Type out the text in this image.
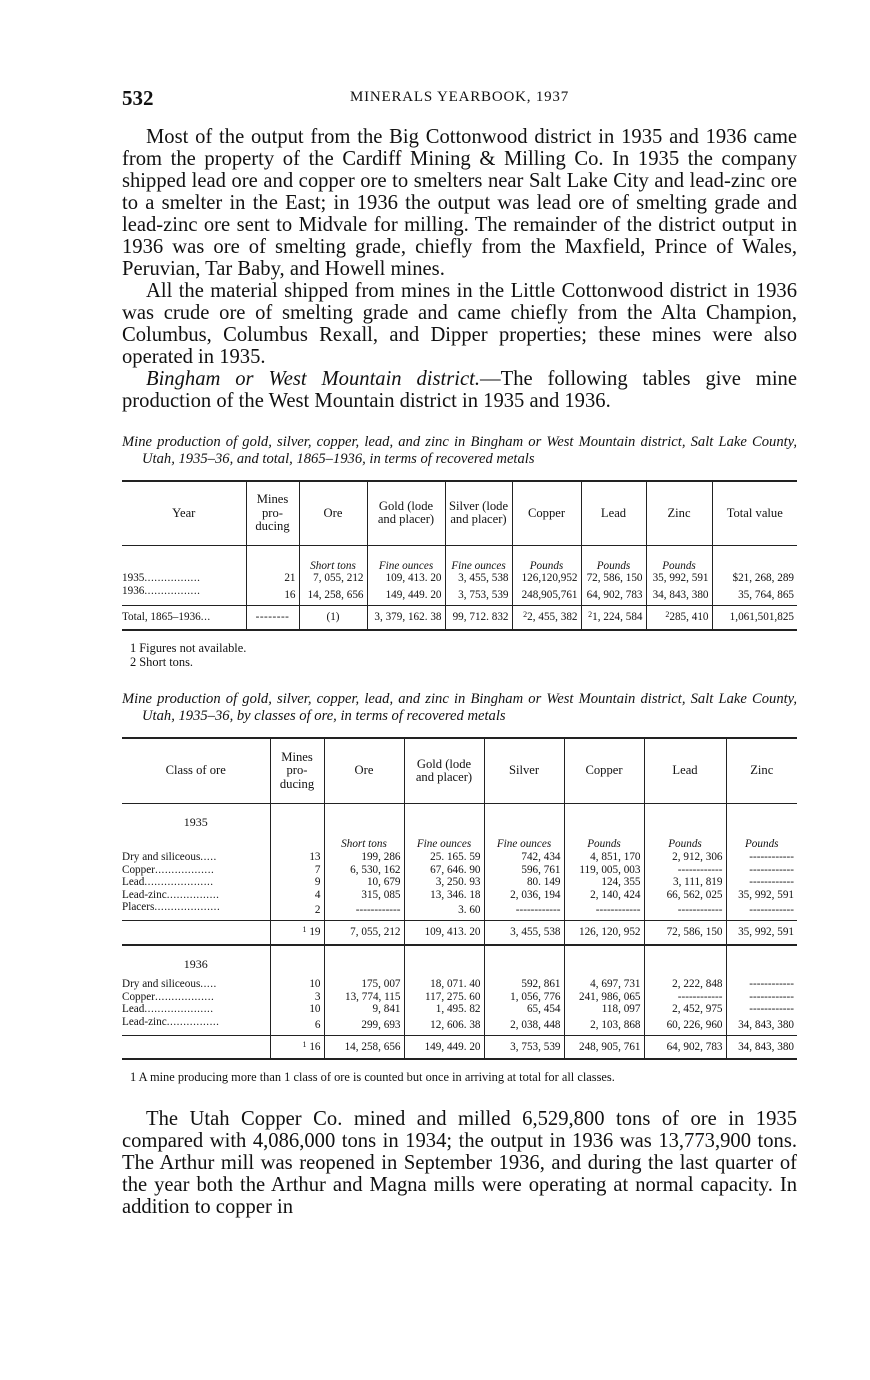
532	MINERALS YEARBOOK, 1937

Most of the output from the Big Cottonwood district in 1935 and 1936 came from the property of the Cardiff Mining & Milling Co. In 1935 the company shipped lead ore and copper ore to smelters near Salt Lake City and lead-zinc ore to a smelter in the East; in 1936 the output was lead ore of smelting grade and lead-zinc ore sent to Midvale for milling. The remainder of the district output in 1936 was ore of smelting grade, chiefly from the Maxfield, Prince of Wales, Peruvian, Tar Baby, and Howell mines.

All the material shipped from mines in the Little Cottonwood district in 1936 was crude ore of smelting grade and came chiefly from the Alta Champion, Columbus, Columbus Rexall, and Dipper properties; these mines were also operated in 1935.

Bingham or West Mountain district.—The following tables give mine production of the West Mountain district in 1935 and 1936.

Mine production of gold, silver, copper, lead, and zinc in Bingham or West Mountain district, Salt Lake County, Utah, 1935–36, and total, 1865–1936, in terms of recovered metals
Year	Mines pro-ducing	Ore	Gold (lode and placer)	Silver (lode and placer)	Copper	Lead	Zinc	Total value
		Short tons	Fine ounces	Fine ounces	Pounds	Pounds	Pounds	
1935.................	21	7, 055, 212	109, 413. 20	3, 455, 538	126,120,952	72, 586, 150	35, 992, 591	$21, 268, 289
1936.................	16	14, 258, 656	149, 449. 20	3, 753, 539	248,905,761	64, 902, 783	34, 843, 380	35, 764, 865
Total, 1865–1936...	--------	(1)	3, 379, 162. 38	99, 712. 832	$^2$2, 455, 382	$^2$1, 224, 584	$^2$285, 410	1,061,501,825
1 Figures not available.
2 Short tons.
Mine production of gold, silver, copper, lead, and zinc in Bingham or West Mountain district, Salt Lake County, Utah, 1935–36, by classes of ore, in terms of recovered metals
Class of ore	Mines pro-ducing	Ore	Gold (lode and placer)	Silver	Copper	Lead	Zinc
1935							
		Short tons	Fine ounces	Fine ounces	Pounds	Pounds	Pounds
Dry and siliceous.....	13	199, 286	25. 165. 59	742, 434	4, 851, 170	2, 912, 306	------------
Copper..................	7	6, 530, 162	67, 646. 90	596, 761	119, 005, 003	------------	------------
Lead.....................	9	10, 679	3, 250. 93	80. 149	124, 355	3, 111, 819	------------
Lead-zinc................	4	315, 085	13, 346. 18	2, 036, 194	2, 140, 424	66, 562, 025	35, 992, 591
Placers....................	2	------------	3. 60	------------	------------	------------	------------
	$^1$ 19	7, 055, 212	109, 413. 20	3, 455, 538	126, 120, 952	72, 586, 150	35, 992, 591
1936							
Dry and siliceous.....	10	175, 007	18, 071. 40	592, 861	4, 697, 731	2, 222, 848	------------
Copper..................	3	13, 774, 115	117, 275. 60	1, 056, 776	241, 986, 065	------------	------------
Lead.....................	10	9, 841	1, 495. 82	65, 454	118, 097	2, 452, 975	------------
Lead-zinc................	6	299, 693	12, 606. 38	2, 038, 448	2, 103, 868	60, 226, 960	34, 843, 380
	$^1$ 16	14, 258, 656	149, 449. 20	3, 753, 539	248, 905, 761	64, 902, 783	34, 843, 380
1 A mine producing more than 1 class of ore is counted but once in arriving at total for all classes.

The Utah Copper Co. mined and milled 6,529,800 tons of ore in 1935 compared with 4,086,000 tons in 1934; the output in 1936 was 13,773,900 tons. The Arthur mill was reopened in September 1936, and during the last quarter of the year both the Arthur and Magna mills were operating at normal capacity. In addition to copper in
